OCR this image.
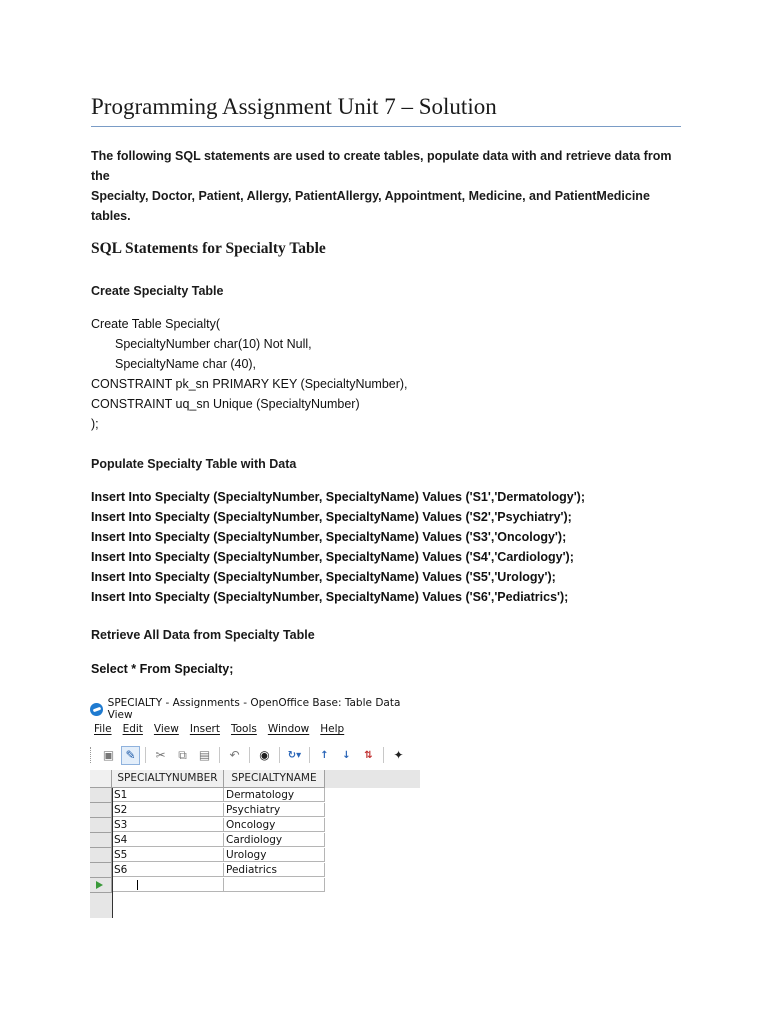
Programming Assignment Unit 7 – Solution
The following SQL statements are used to create tables, populate data with and retrieve data from the
Specialty, Doctor, Patient, Allergy, PatientAllergy, Appointment, Medicine, and PatientMedicine
tables.
SQL Statements for Specialty Table
Create Specialty Table
Create Table Specialty(
SpecialtyNumber char(10) Not Null,
SpecialtyName char (40),
CONSTRAINT pk_sn PRIMARY KEY (SpecialtyNumber),
CONSTRAINT uq_sn Unique (SpecialtyNumber)
);
Populate Specialty Table with Data
Insert Into Specialty (SpecialtyNumber, SpecialtyName) Values ('S1','Dermatology');
Insert Into Specialty (SpecialtyNumber, SpecialtyName) Values ('S2','Psychiatry');
Insert Into Specialty (SpecialtyNumber, SpecialtyName) Values ('S3','Oncology');
Insert Into Specialty (SpecialtyNumber, SpecialtyName) Values ('S4','Cardiology');
Insert Into Specialty (SpecialtyNumber, SpecialtyName) Values ('S5','Urology');
Insert Into Specialty (SpecialtyNumber, SpecialtyName) Values ('S6','Pediatrics');
Retrieve All Data from Specialty Table
Select * From Specialty;
SPECIALTY - Assignments - OpenOffice Base: Table Data View
File Edit View Insert Tools Window Help
▣ ✎	✂	⧉	▤	↶	◉	↻▾	↑	↓	⇅	✦
SPECIALTYNUMBER	SPECIALTYNAME
S1	Dermatology
S2	Psychiatry
S3	Oncology
S4	Cardiology
S5	Urology
S6	Pediatrics
